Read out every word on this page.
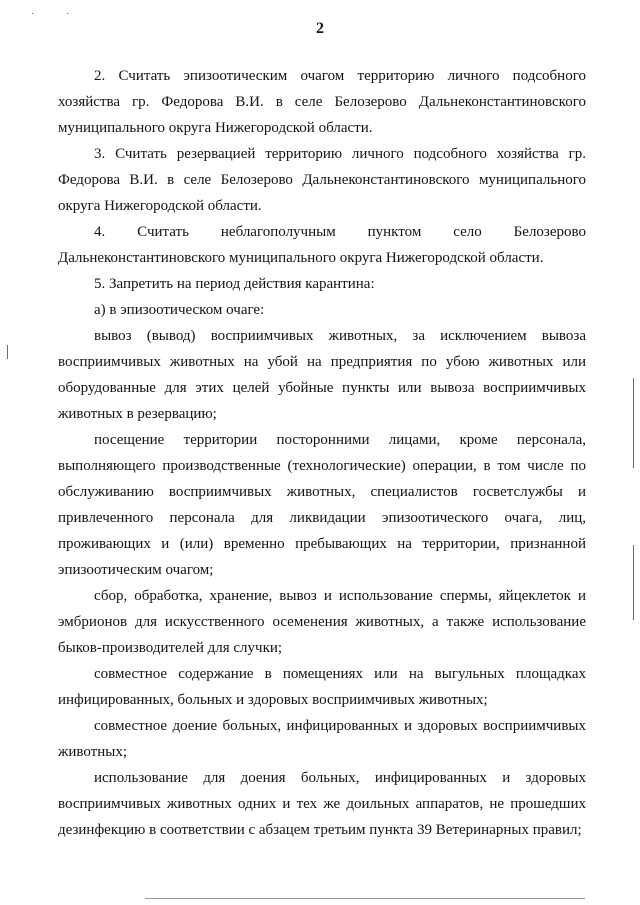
·	·
2

2. Считать эпизоотическим очагом территорию личного подсобного хозяйства гр. Федорова В.И. в селе Белозерово Дальнеконстантиновского муниципального округа Нижегородской области.

3. Считать резервацией территорию личного подсобного хозяйства гр. Федорова В.И. в селе Белозерово Дальнеконстантиновского муниципального округа Нижегородской области.

4. Считать неблагополучным пунктом село Белозерово Дальнеконстантиновского муниципального округа Нижегородской области.

5. Запретить на период действия карантина:

а) в эпизоотическом очаге:

вывоз (вывод) восприимчивых животных, за исключением вывоза восприимчивых животных на убой на предприятия по убою животных или оборудованные для этих целей убойные пункты или вывоза восприимчивых животных в резервацию;

посещение территории посторонними лицами, кроме персонала, выполняющего производственные (технологические) операции, в том числе по обслуживанию восприимчивых животных, специалистов госветслужбы и привлеченного персонала для ликвидации эпизоотического очага, лиц, проживающих и (или) временно пребывающих на территории, признанной эпизоотическим очагом;

сбор, обработка, хранение, вывоз и использование спермы, яйцеклеток и эмбрионов для искусственного осеменения животных, а также использование быков-производителей для случки;

совместное содержание в помещениях или на выгульных площадках инфицированных, больных и здоровых восприимчивых животных;

совместное доение больных, инфицированных и здоровых восприимчивых животных;

использование для доения больных, инфицированных и здоровых восприимчивых животных одних и тех же доильных аппаратов, не прошедших дезинфекцию в соответствии с абзацем третьим пункта 39 Ветеринарных правил;
